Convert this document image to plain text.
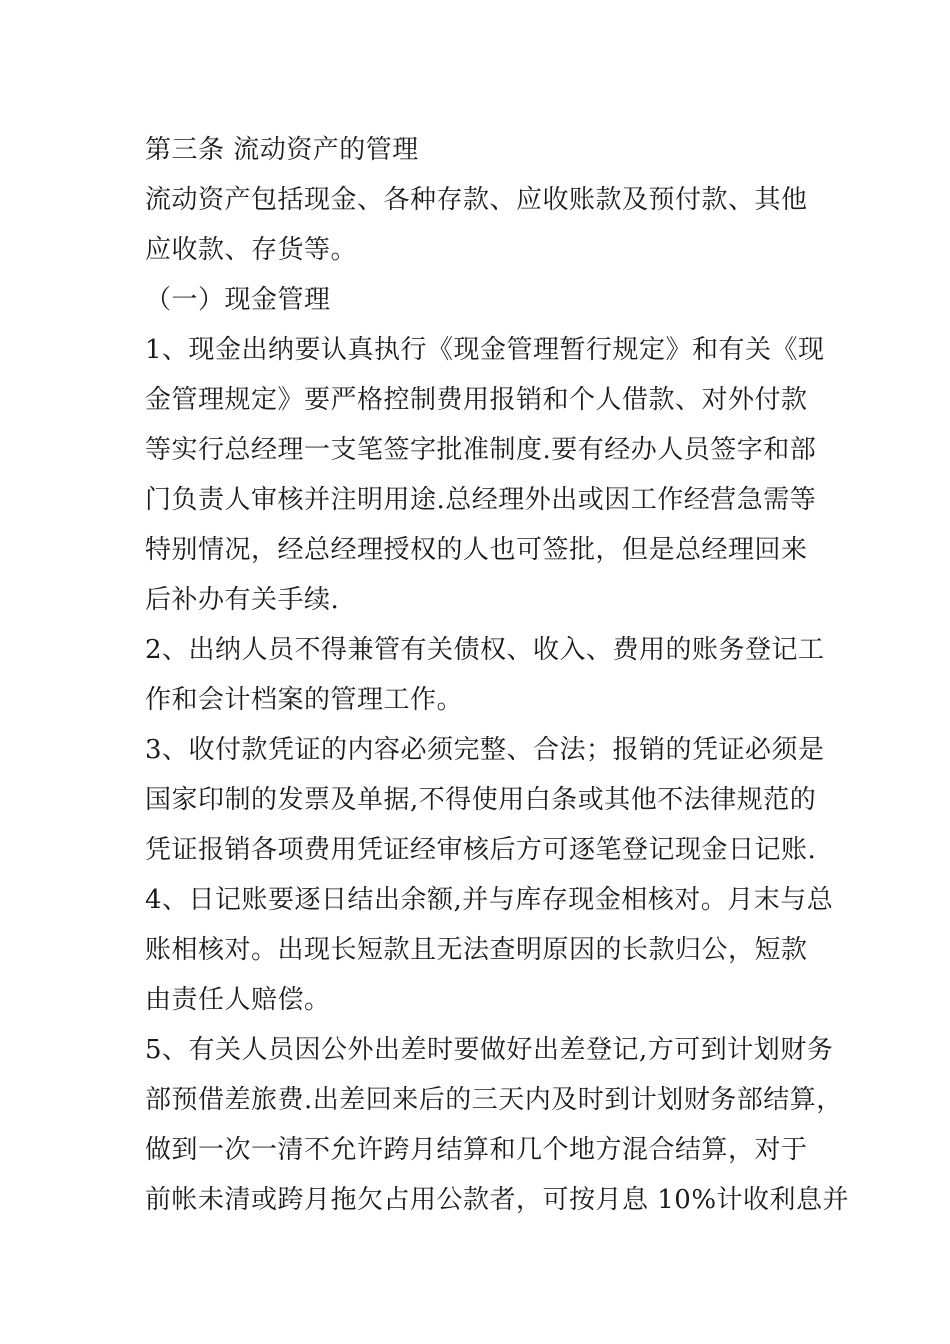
第三条 流动资产的管理
流动资产包括现金、各种存款、应收账款及预付款、其他
应收款、存货等。
（一）现金管理
1、现金出纳要认真执行《现金管理暂行规定》和有关《现
金管理规定》要严格控制费用报销和个人借款、对外付款
等实行总经理一支笔签字批准制度.要有经办人员签字和部
门负责人审核并注明用途.总经理外出或因工作经营急需等
特别情况，经总经理授权的人也可签批，但是总经理回来
后补办有关手续.
2、出纳人员不得兼管有关债权、收入、费用的账务登记工
作和会计档案的管理工作。
3、收付款凭证的内容必须完整、合法；报销的凭证必须是
国家印制的发票及单据,不得使用白条或其他不法律规范的
凭证报销各项费用凭证经审核后方可逐笔登记现金日记账.
4、日记账要逐日结出余额,并与库存现金相核对。月末与总
账相核对。出现长短款且无法查明原因的长款归公，短款
由责任人赔偿。
5、有关人员因公外出差时要做好出差登记,方可到计划财务
部预借差旅费.出差回来后的三天内及时到计划财务部结算，
做到一次一清不允许跨月结算和几个地方混合结算，对于
前帐未清或跨月拖欠占用公款者，可按月息 10%计收利息并
